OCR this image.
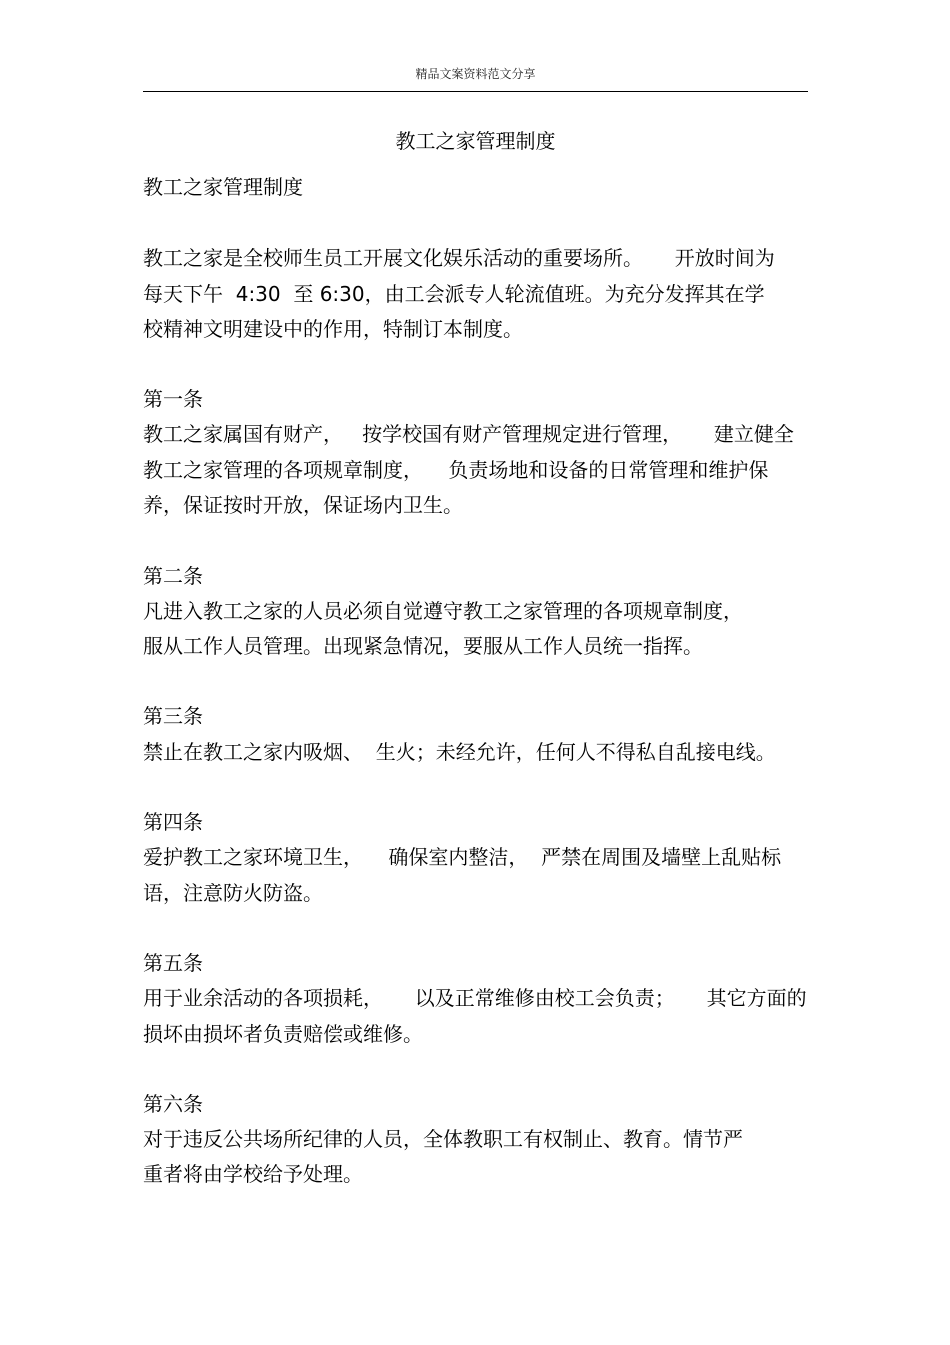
精品文案资料范文分享
教工之家管理制度
教工之家管理制度
教工之家是全校师生员工开展文化娱乐活动的重要场所。     开放时间为
每天下午  4:30  至 6:30，由工会派专人轮流值班。为充分发挥其在学
校精神文明建设中的作用，特制订本制度。
第一条
教工之家属国有财产，   按学校国有财产管理规定进行管理，     建立健全
教工之家管理的各项规章制度，    负责场地和设备的日常管理和维护保
养，保证按时开放，保证场内卫生。
第二条
凡进入教工之家的人员必须自觉遵守教工之家管理的各项规章制度，
服从工作人员管理。出现紧急情况，要服从工作人员统一指挥。
第三条
禁止在教工之家内吸烟、  生火；未经允许，任何人不得私自乱接电线。
第四条
爱护教工之家环境卫生，    确保室内整洁，  严禁在周围及墙壁上乱贴标
语，注意防火防盗。
第五条
用于业余活动的各项损耗，     以及正常维修由校工会负责；     其它方面的
损坏由损坏者负责赔偿或维修。
第六条
对于违反公共场所纪律的人员，全体教职工有权制止、教育。情节严
重者将由学校给予处理。
